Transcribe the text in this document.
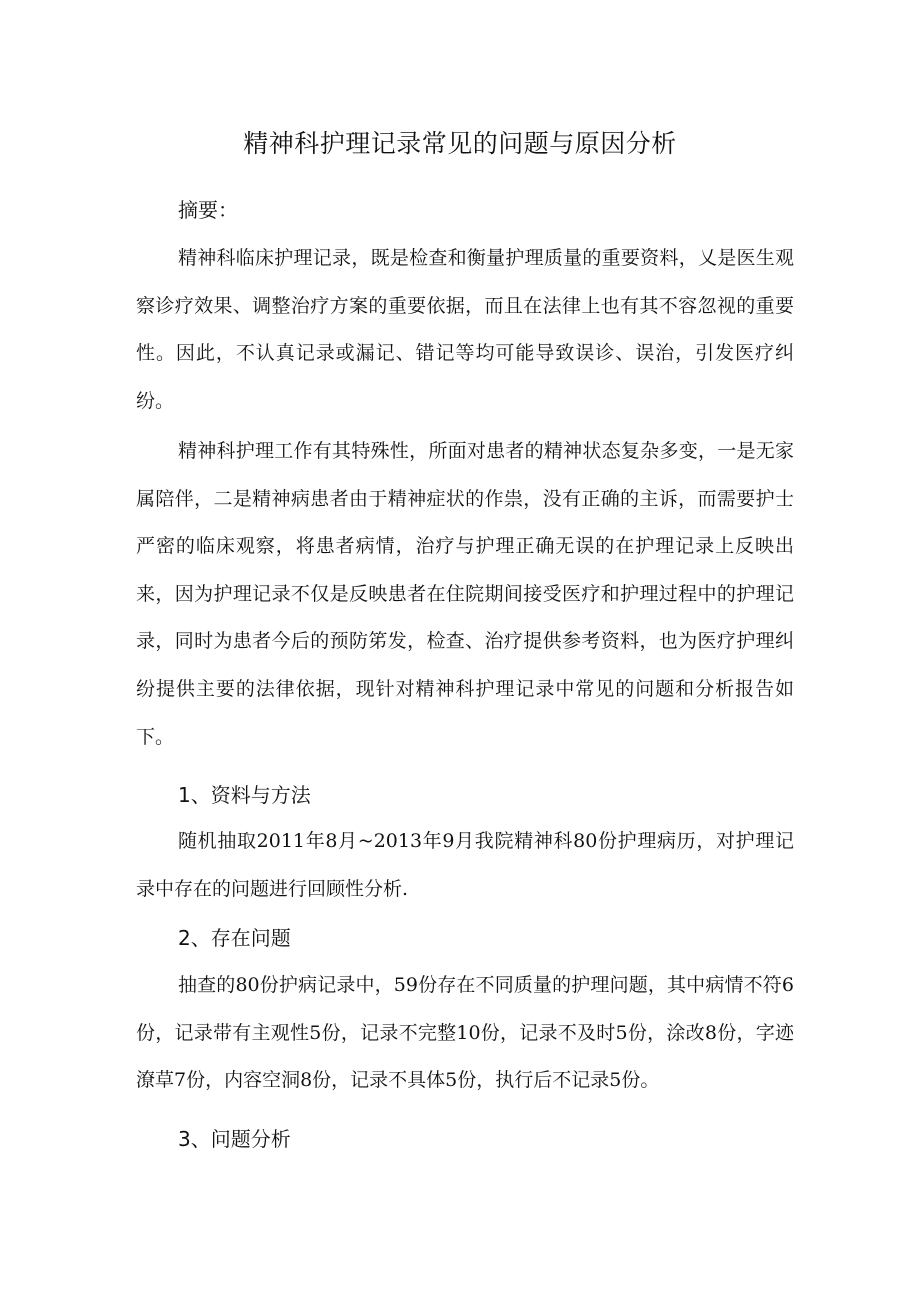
精神科护理记录常见的问题与原因分析
摘要：

精神科临床护理记录，既是检查和衡量护理质量的重要资料，乂是医生观察诊疗效果、调整治疗方案的重要依据，而且在法律上也有其不容忽视的重要性。因此，不认真记录或漏记、错记等均可能导致误诊、误治，引发医疗纠纷。

精神科护理工作有其特殊性，所面对患者的精神状态复杂多变，一是无家属陪伴，二是精神病患者由于精神症状的作祟，没有正确的主诉，而需要护士严密的临床观察，将患者病情，治疗与护理正确无误的在护理记录上反映出来，因为护理记录不仅是反映患者在住院期间接受医疗和护理过程中的护理记录，同时为患者今后的预防笫发，检查、治疗提供参考资料，也为医疗护理纠纷提供主要的法律依据，现针对精神科护理记录中常见的问题和分析报告如下。

1、资料与方法

随机抽取2011年8月~2013年9月我院精神科80份护理病历，对护理记录中存在的问题进行回顾性分析.

2、存在问题

抽查的80份护病记录中，59份存在不同质量的护理问题，其中病情不符6份，记录带有主观性5份，记录不完整10份，记录不及时5份，涂改8份，字迹潦草7份，内容空洞8份，记录不具体5份，执行后不记录5份。

3、问题分析
